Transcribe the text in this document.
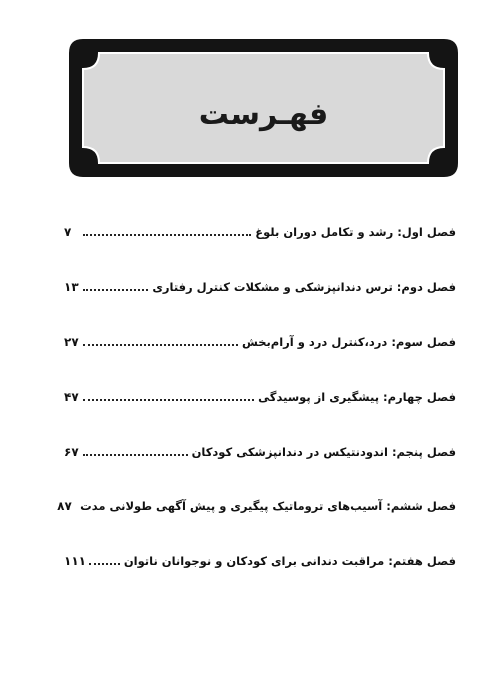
فهـرست
فصل اول: رشد و تکامل دوران بلوغ
۷
فصل دوم: ترس دندانپزشکی و مشکلات کنترل رفتاری
۱۳
فصل سوم: درد،کنترل درد و آرام‌بخش
۲۷
فصل چهارم: پیشگیری از پوسیدگی
۴۷
فصل پنجم: اندودنتیکس در دندانپزشکی کودکان
۶۷
فصل ششم: آسیب‌های تروماتیک پیگیری و پیش آگهی طولانی مدت
۸۷
فصل هفتم: مراقبت دندانی برای کودکان و نوجوانان ناتوان
۱۱۱
